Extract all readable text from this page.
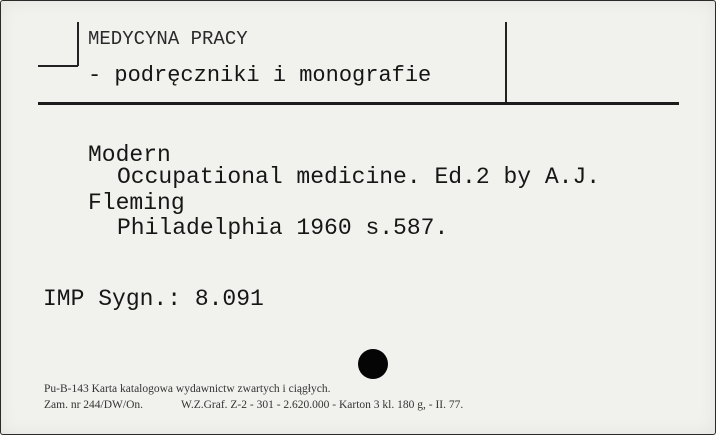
MEDYCYNA PRACY
- podręczniki i monografie
Modern
Occupational medicine. Ed.2 by A.J.
Fleming
Philadelphia 1960 s.587.
IMP Sygn.: 8.091
Pu-B-143 Karta katalogowa wydawnictw zwartych i ciągłych.
Zam. nr 244/DW/On.	W.Z.Graf. Z-2 - 301 - 2.620.000 - Karton 3 kl. 180 g, - II. 77.
